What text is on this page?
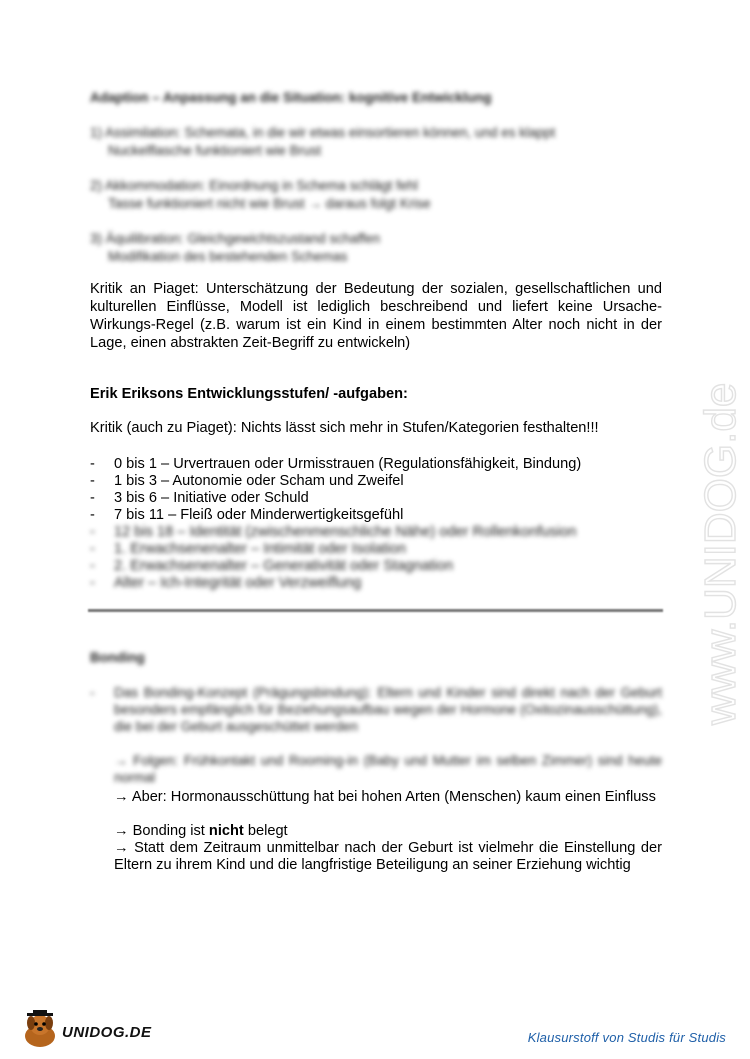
Adaption – Anpassung an die Situation: kognitive Entwicklung
1) Assimilation: Schemata, in die wir etwas einsortieren können, und es klappt
Nuckelflasche funktioniert wie Brust
2) Akkommodation: Einordnung in Schema schlägt fehl
Tasse funktioniert nicht wie Brust → daraus folgt Krise
3) Äquilibration: Gleichgewichtszustand schaffen
Modifikation des bestehenden Schemas
Kritik an Piaget: Unterschätzung der Bedeutung der sozialen, gesellschaftlichen und kulturellen Einflüsse, Modell ist lediglich beschreibend und liefert keine Ursache-Wirkungs-Regel (z.B. warum ist ein Kind in einem bestimmten Alter noch nicht in der Lage, einen abstrakten Zeit-Begriff zu entwickeln)
Erik Eriksons Entwicklungsstufen/ -aufgaben:
Kritik (auch zu Piaget): Nichts lässt sich mehr in Stufen/Kategorien festhalten!!!
- 0 bis 1 – Urvertrauen oder Urmisstrauen (Regulationsfähigkeit, Bindung)
- 1 bis 3 – Autonomie oder Scham und Zweifel
- 3 bis 6 – Initiative oder Schuld
- 7 bis 11 – Fleiß oder Minderwertigkeitsgefühl
- 12 bis 18 – Identität (zwischenmenschliche Nähe) oder Rollenkonfusion
- 1. Erwachsenenalter – Intimität oder Isolation
- 2. Erwachsenenalter – Generativität oder Stagnation
- Alter – Ich-Integrität oder Verzweiflung
Bonding
-	Das Bonding-Konzept (Prägungsbindung): Eltern und Kinder sind direkt nach der Geburt besonders empfänglich für Beziehungsaufbau wegen der Hormone (Oxitozinausschüttung), die bei der Geburt ausgeschüttet werden
→ Folgen: Frühkontakt und Rooming-in (Baby und Mutter im selben Zimmer) sind heute normal
→ Aber: Hormonausschüttung hat bei hohen Arten (Menschen) kaum einen Einfluss
→ Bonding ist nicht belegt
→ Statt dem Zeitraum unmittelbar nach der Geburt ist vielmehr die Einstellung der Eltern zu ihrem Kind und die langfristige Beteiligung an seiner Erziehung wichtig
www.UNIDOG.de
UNIDOG.DE	Klausurstoff von Studis für Studis
